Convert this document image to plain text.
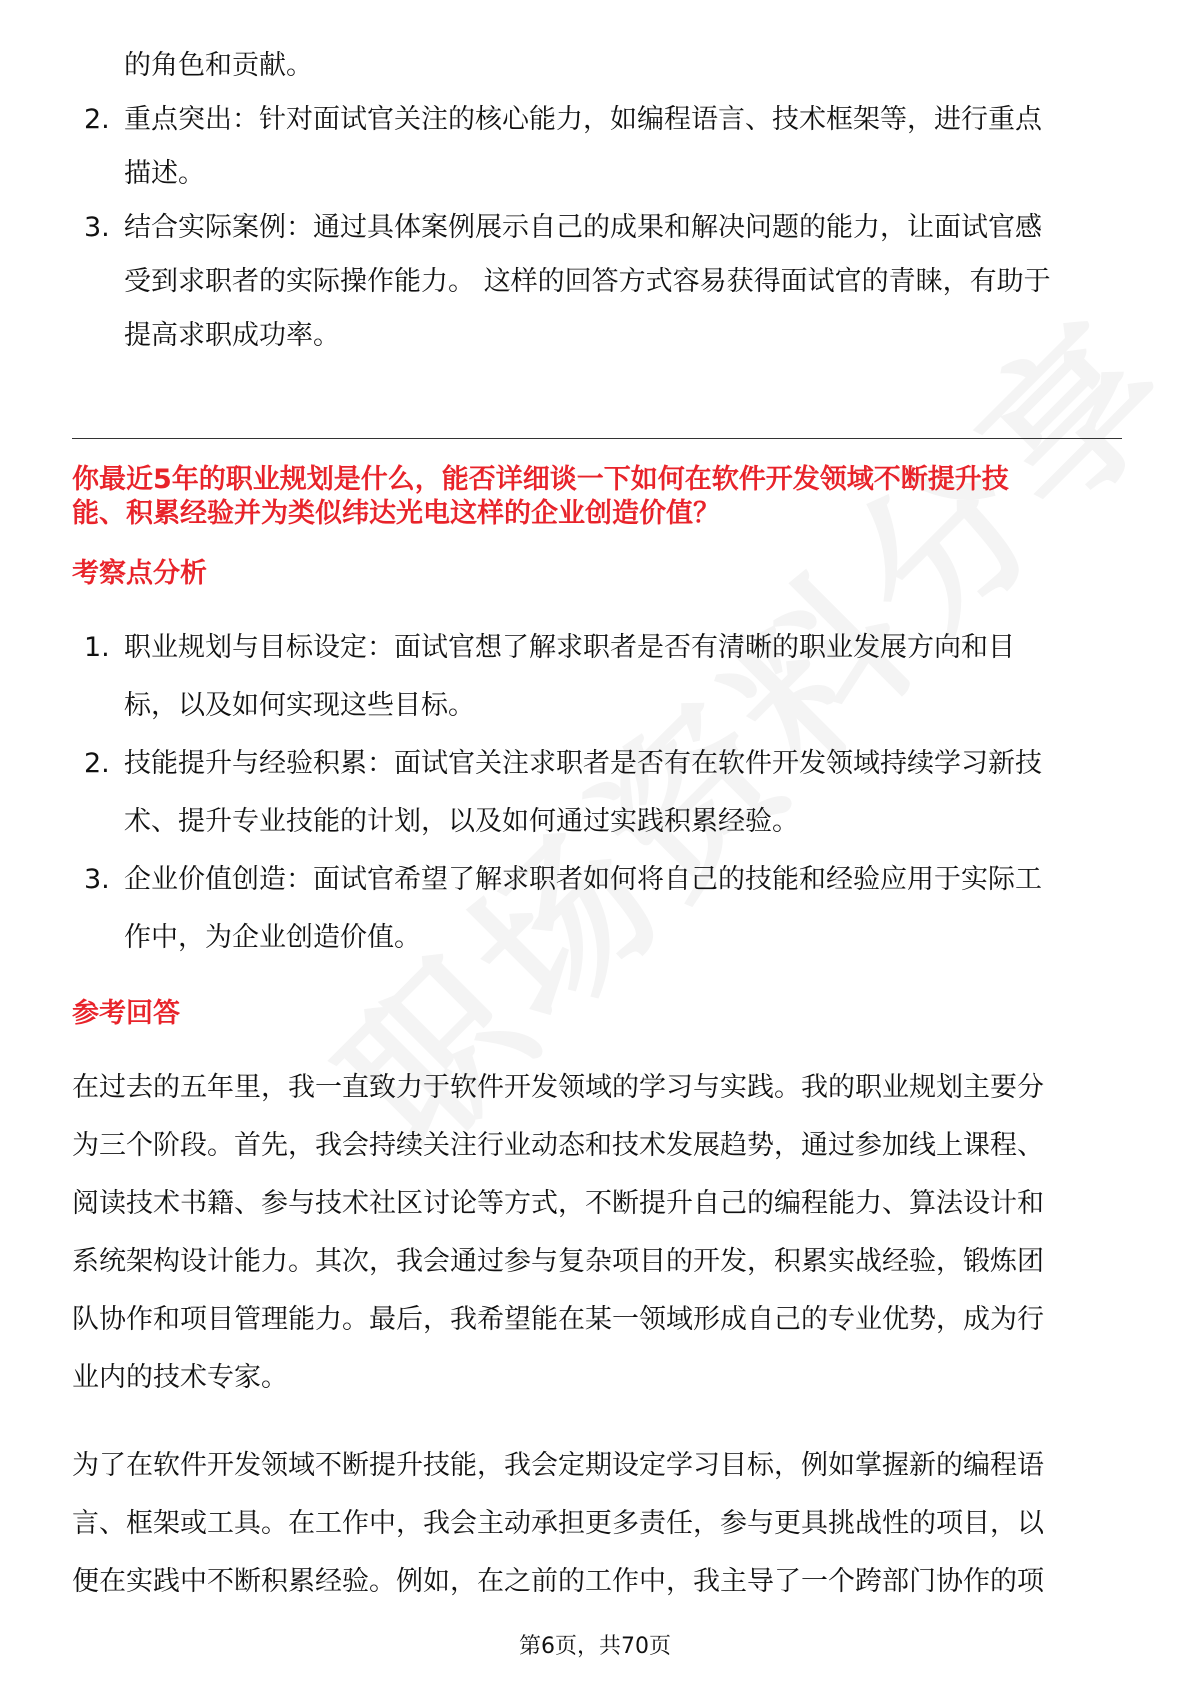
的角色和贡献。
2. 重点突出：针对面试官关注的核心能力，如编程语言、技术框架等，进行重点
描述。
3. 结合实际案例：通过具体案例展示自己的成果和解决问题的能力，让面试官感
受到求职者的实际操作能力。 这样的回答方式容易获得面试官的青睐，有助于
提高求职成功率。
你最近5年的职业规划是什么，能否详细谈一下如何在软件开发领域不断提升技
能、积累经验并为类似纬达光电这样的企业创造价值？
考察点分析
1. 职业规划与目标设定：面试官想了解求职者是否有清晰的职业发展方向和目
标，以及如何实现这些目标。
2. 技能提升与经验积累：面试官关注求职者是否有在软件开发领域持续学习新技
术、提升专业技能的计划，以及如何通过实践积累经验。
3. 企业价值创造：面试官希望了解求职者如何将自己的技能和经验应用于实际工
作中，为企业创造价值。
参考回答
在过去的五年里，我一直致力于软件开发领域的学习与实践。我的职业规划主要分
为三个阶段。首先，我会持续关注行业动态和技术发展趋势，通过参加线上课程、
阅读技术书籍、参与技术社区讨论等方式，不断提升自己的编程能力、算法设计和
系统架构设计能力。其次，我会通过参与复杂项目的开发，积累实战经验，锻炼团
队协作和项目管理能力。最后，我希望能在某一领域形成自己的专业优势，成为行
业内的技术专家。
为了在软件开发领域不断提升技能，我会定期设定学习目标，例如掌握新的编程语
言、框架或工具。在工作中，我会主动承担更多责任，参与更具挑战性的项目，以
便在实践中不断积累经验。例如，在之前的工作中，我主导了一个跨部门协作的项
第6页，共70页
